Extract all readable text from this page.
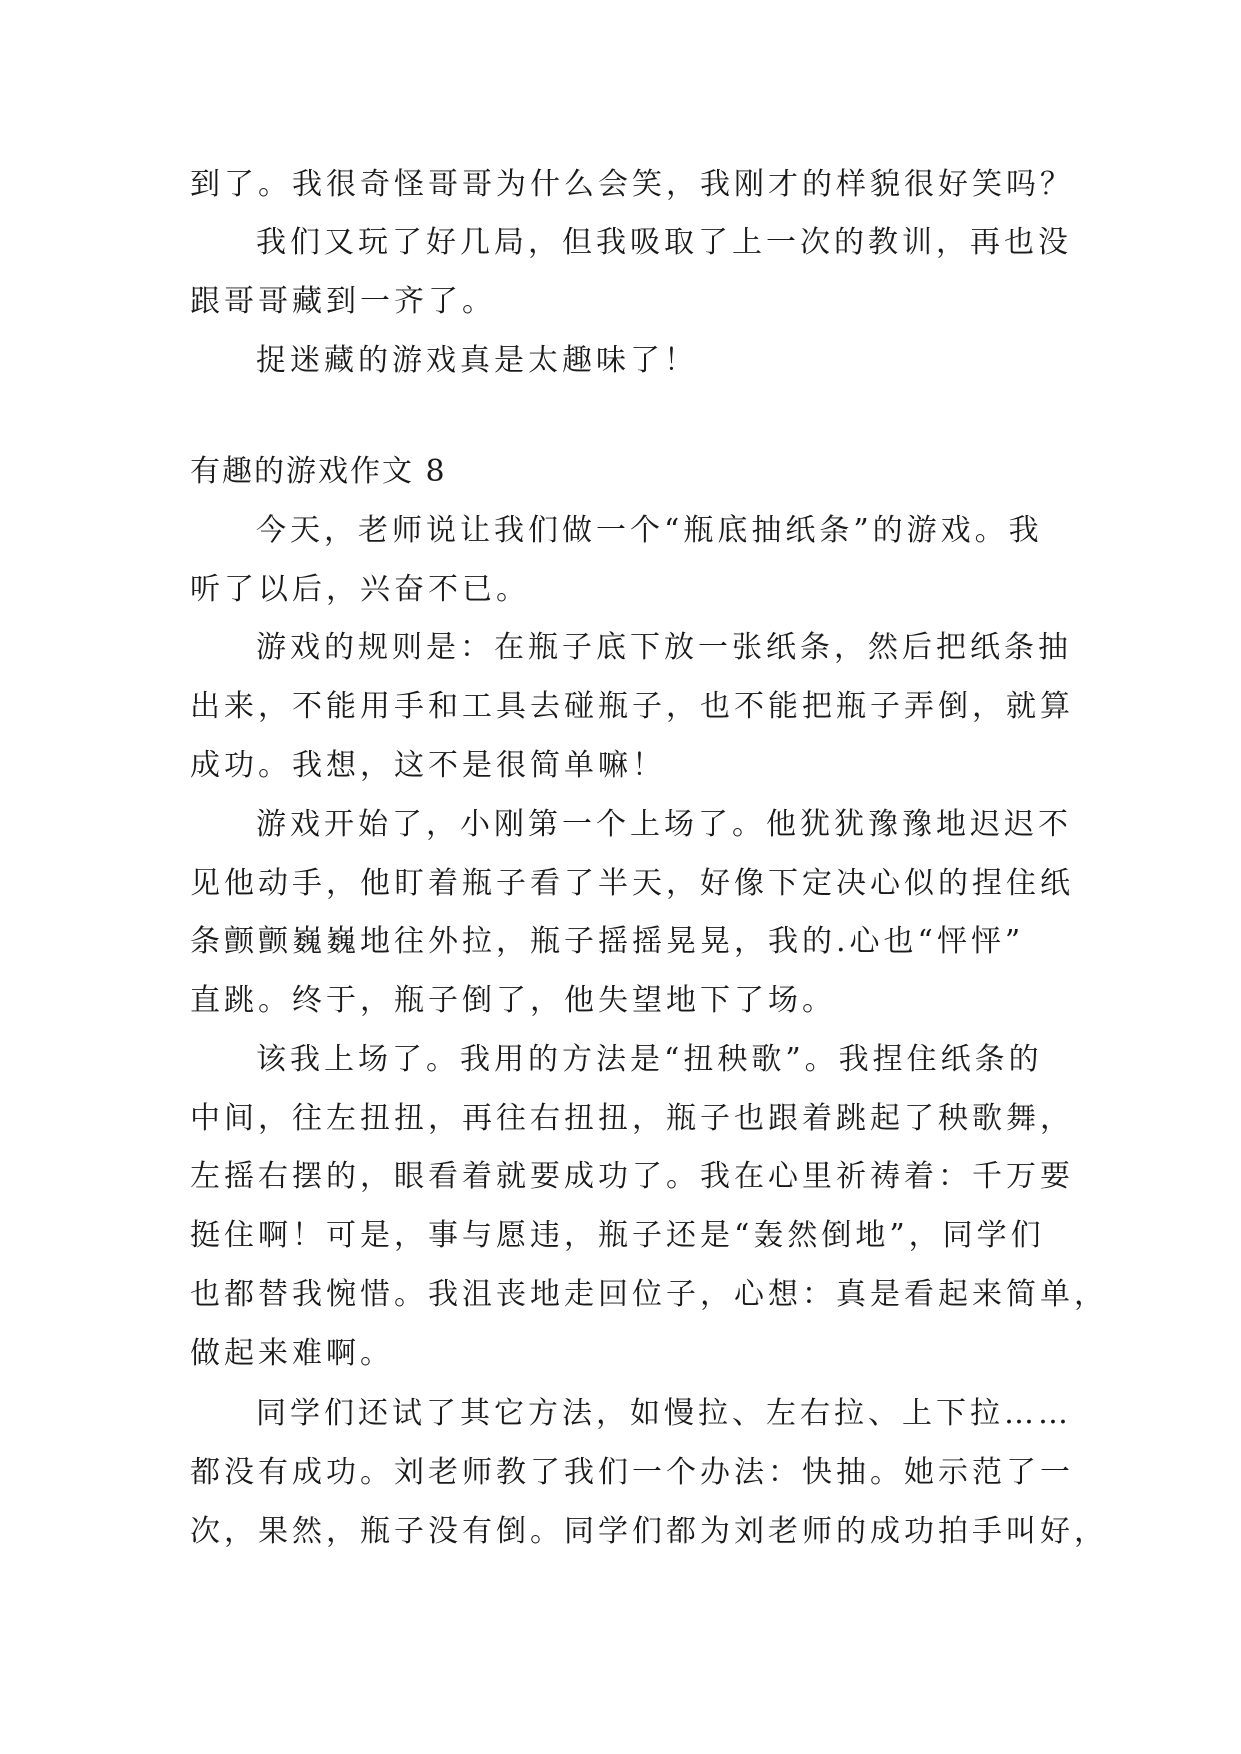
到了。我很奇怪哥哥为什么会笑，我刚才的样貌很好笑吗？
我们又玩了好几局，但我吸取了上一次的教训，再也没
跟哥哥藏到一齐了。
捉迷藏的游戏真是太趣味了！
有趣的游戏作文 8
今天，老师说让我们做一个“瓶底抽纸条”的游戏。我
听了以后，兴奋不已。
游戏的规则是：在瓶子底下放一张纸条，然后把纸条抽
出来，不能用手和工具去碰瓶子，也不能把瓶子弄倒，就算
成功。我想，这不是很简单嘛！
游戏开始了，小刚第一个上场了。他犹犹豫豫地迟迟不
见他动手，他盯着瓶子看了半天，好像下定决心似的捏住纸
条颤颤巍巍地往外拉，瓶子摇摇晃晃，我的.心也“怦怦”
直跳。终于，瓶子倒了，他失望地下了场。
该我上场了。我用的方法是“扭秧歌”。我捏住纸条的
中间，往左扭扭，再往右扭扭，瓶子也跟着跳起了秧歌舞，
左摇右摆的，眼看着就要成功了。我在心里祈祷着：千万要
挺住啊！可是，事与愿违，瓶子还是“轰然倒地”，同学们
也都替我惋惜。我沮丧地走回位子，心想：真是看起来简单，
做起来难啊。
同学们还试了其它方法，如慢拉、左右拉、上下拉……
都没有成功。刘老师教了我们一个办法：快抽。她示范了一
次，果然，瓶子没有倒。同学们都为刘老师的成功拍手叫好，
